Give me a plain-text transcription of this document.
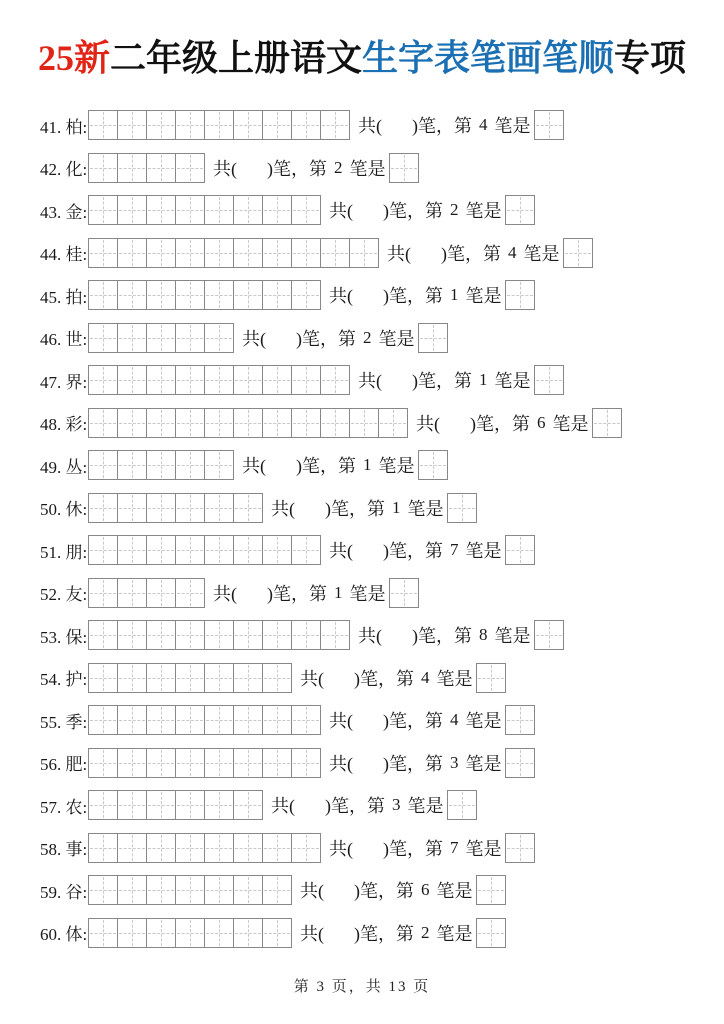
25新二年级上册语文生字表笔画笔顺专项
41. 柏:	共( )笔，第 4 笔是
42. 化:	共( )笔，第 2 笔是
43. 金:	共( )笔，第 2 笔是
44. 桂:	共( )笔，第 4 笔是
45. 拍:	共( )笔，第 1 笔是
46. 世:	共( )笔，第 2 笔是
47. 界:	共( )笔，第 1 笔是
48. 彩:	共( )笔，第 6 笔是
49. 丛:	共( )笔，第 1 笔是
50. 休:	共( )笔，第 1 笔是
51. 朋:	共( )笔，第 7 笔是
52. 友:	共( )笔，第 1 笔是
53. 保:	共( )笔，第 8 笔是
54. 护:	共( )笔，第 4 笔是
55. 季:	共( )笔，第 4 笔是
56. 肥:	共( )笔，第 3 笔是
57. 农:	共( )笔，第 3 笔是
58. 事:	共( )笔，第 7 笔是
59. 谷:	共( )笔，第 6 笔是
60. 体:	共( )笔，第 2 笔是
第 3 页，共 13 页
